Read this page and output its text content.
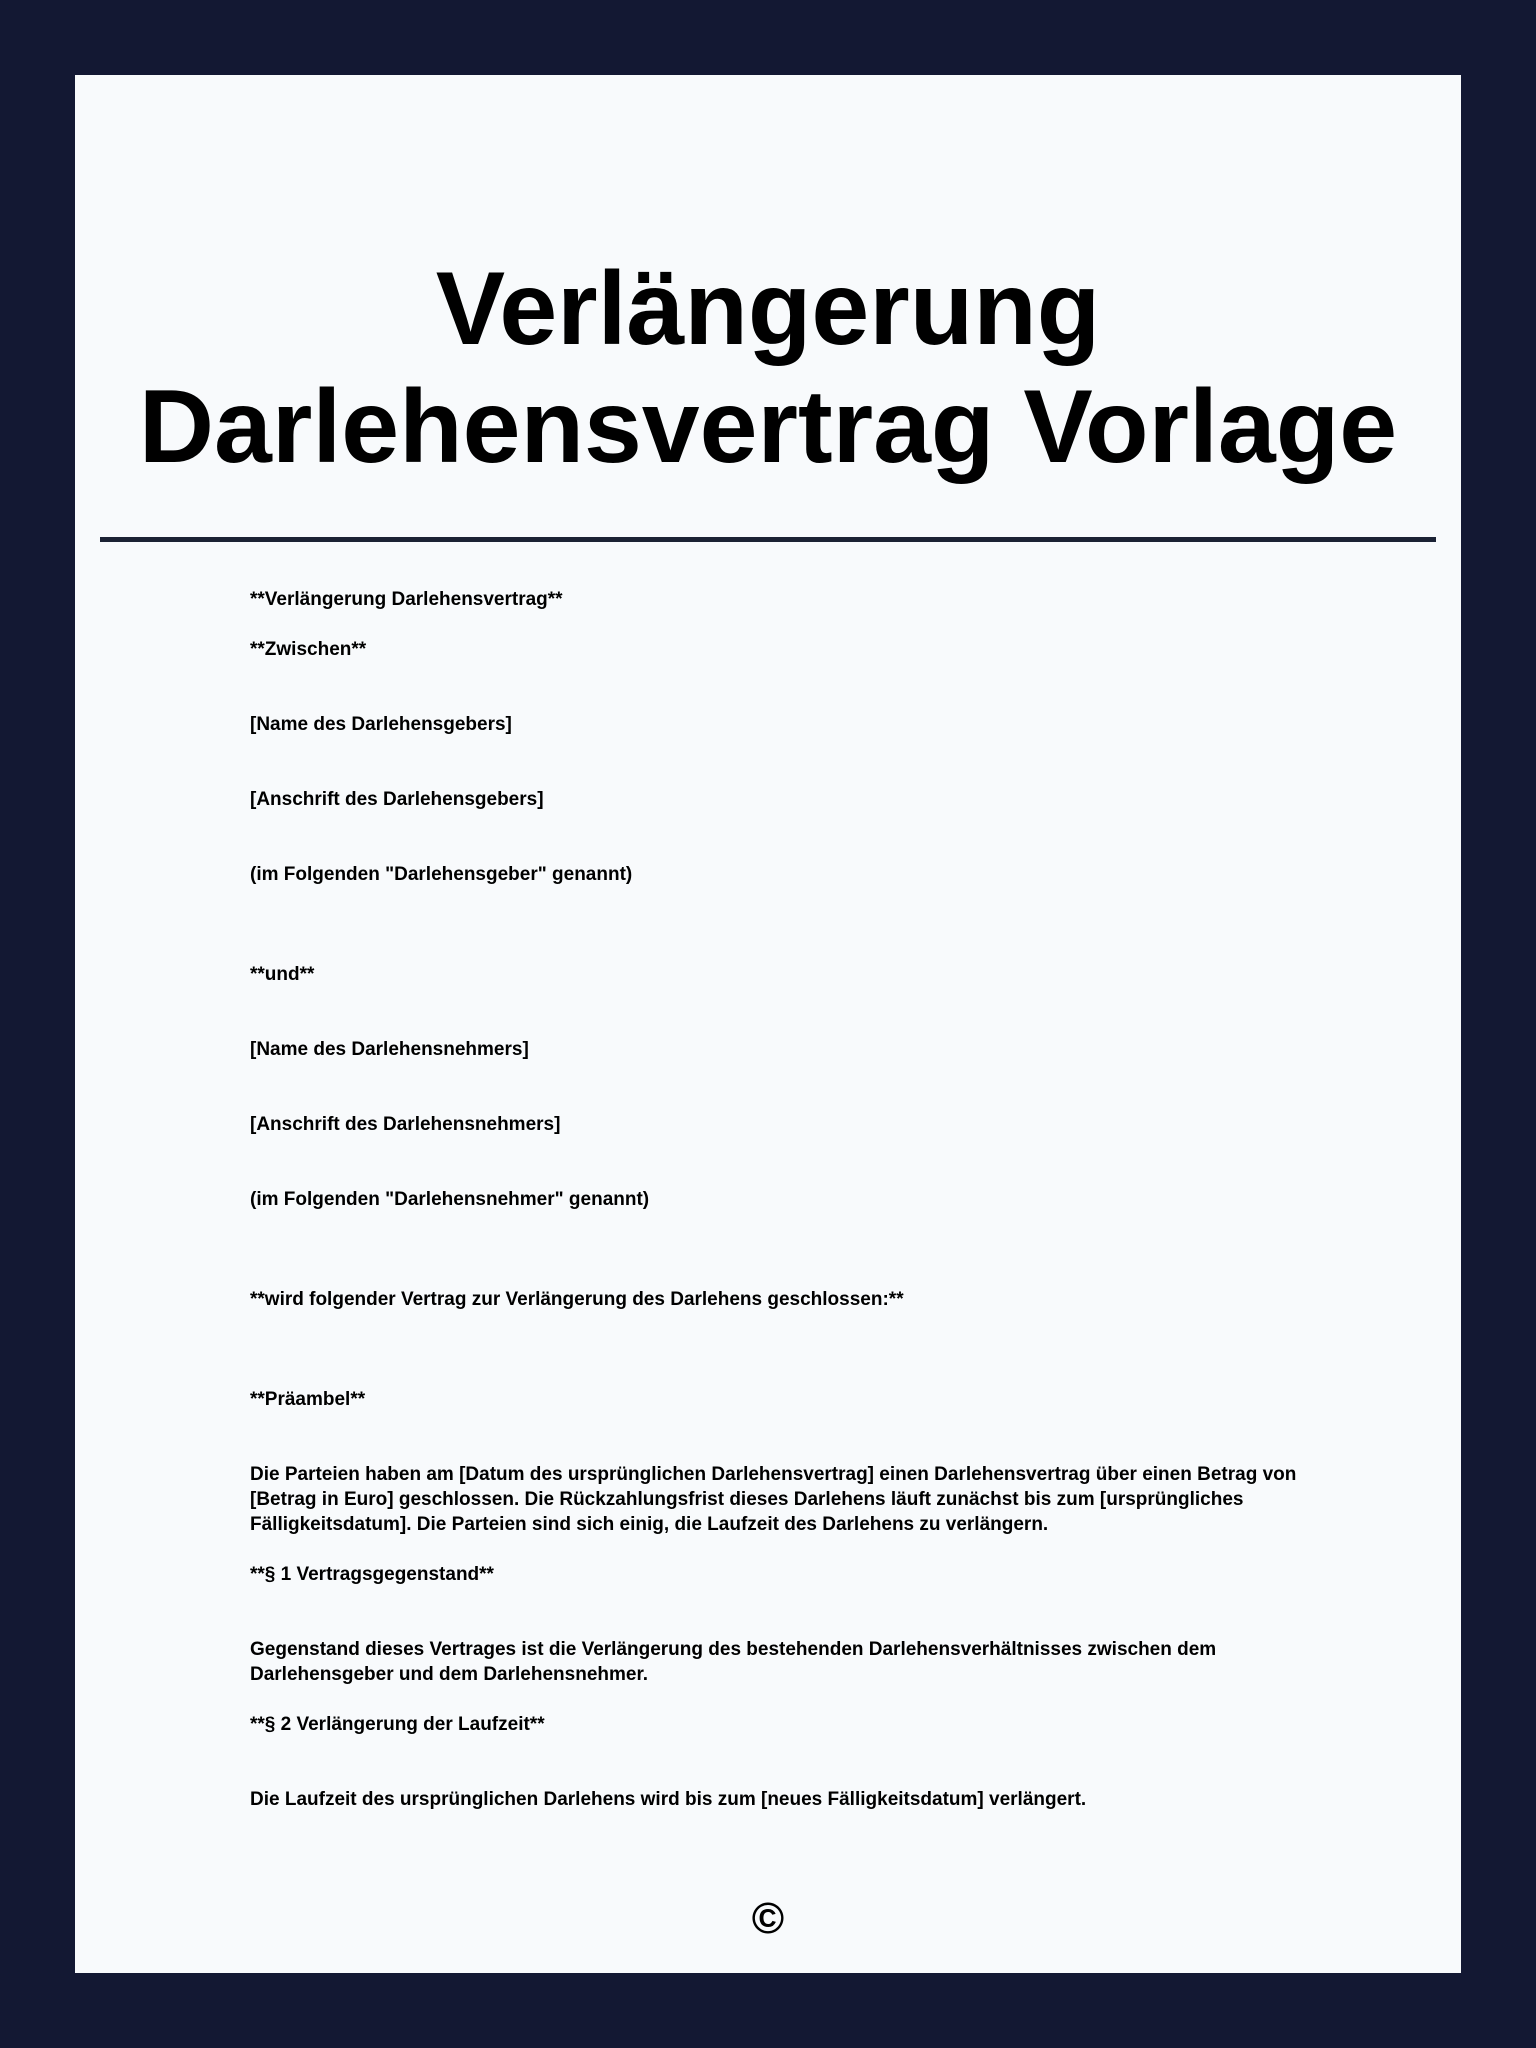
Verlängerung
Darlehensvertrag Vorlage

**Verlängerung Darlehensvertrag**

**Zwischen**

[Name des Darlehensgebers]

[Anschrift des Darlehensgebers]

(im Folgenden "Darlehensgeber" genannt)

**und**

[Name des Darlehensnehmers]

[Anschrift des Darlehensnehmers]

(im Folgenden "Darlehensnehmer" genannt)

**wird folgender Vertrag zur Verlängerung des Darlehens geschlossen:**

**Präambel**

Die Parteien haben am [Datum des ursprünglichen Darlehensvertrag] einen Darlehensvertrag über einen Betrag von [Betrag in Euro] geschlossen. Die Rückzahlungsfrist dieses Darlehens läuft zunächst bis zum [ursprüngliches Fälligkeitsdatum]. Die Parteien sind sich einig, die Laufzeit des Darlehens zu verlängern.

**§ 1 Vertragsgegenstand**

Gegenstand dieses Vertrages ist die Verlängerung des bestehenden Darlehensverhältnisses zwischen dem Darlehensgeber und dem Darlehensnehmer.

**§ 2 Verlängerung der Laufzeit**

Die Laufzeit des ursprünglichen Darlehens wird bis zum [neues Fälligkeitsdatum] verlängert.

©
